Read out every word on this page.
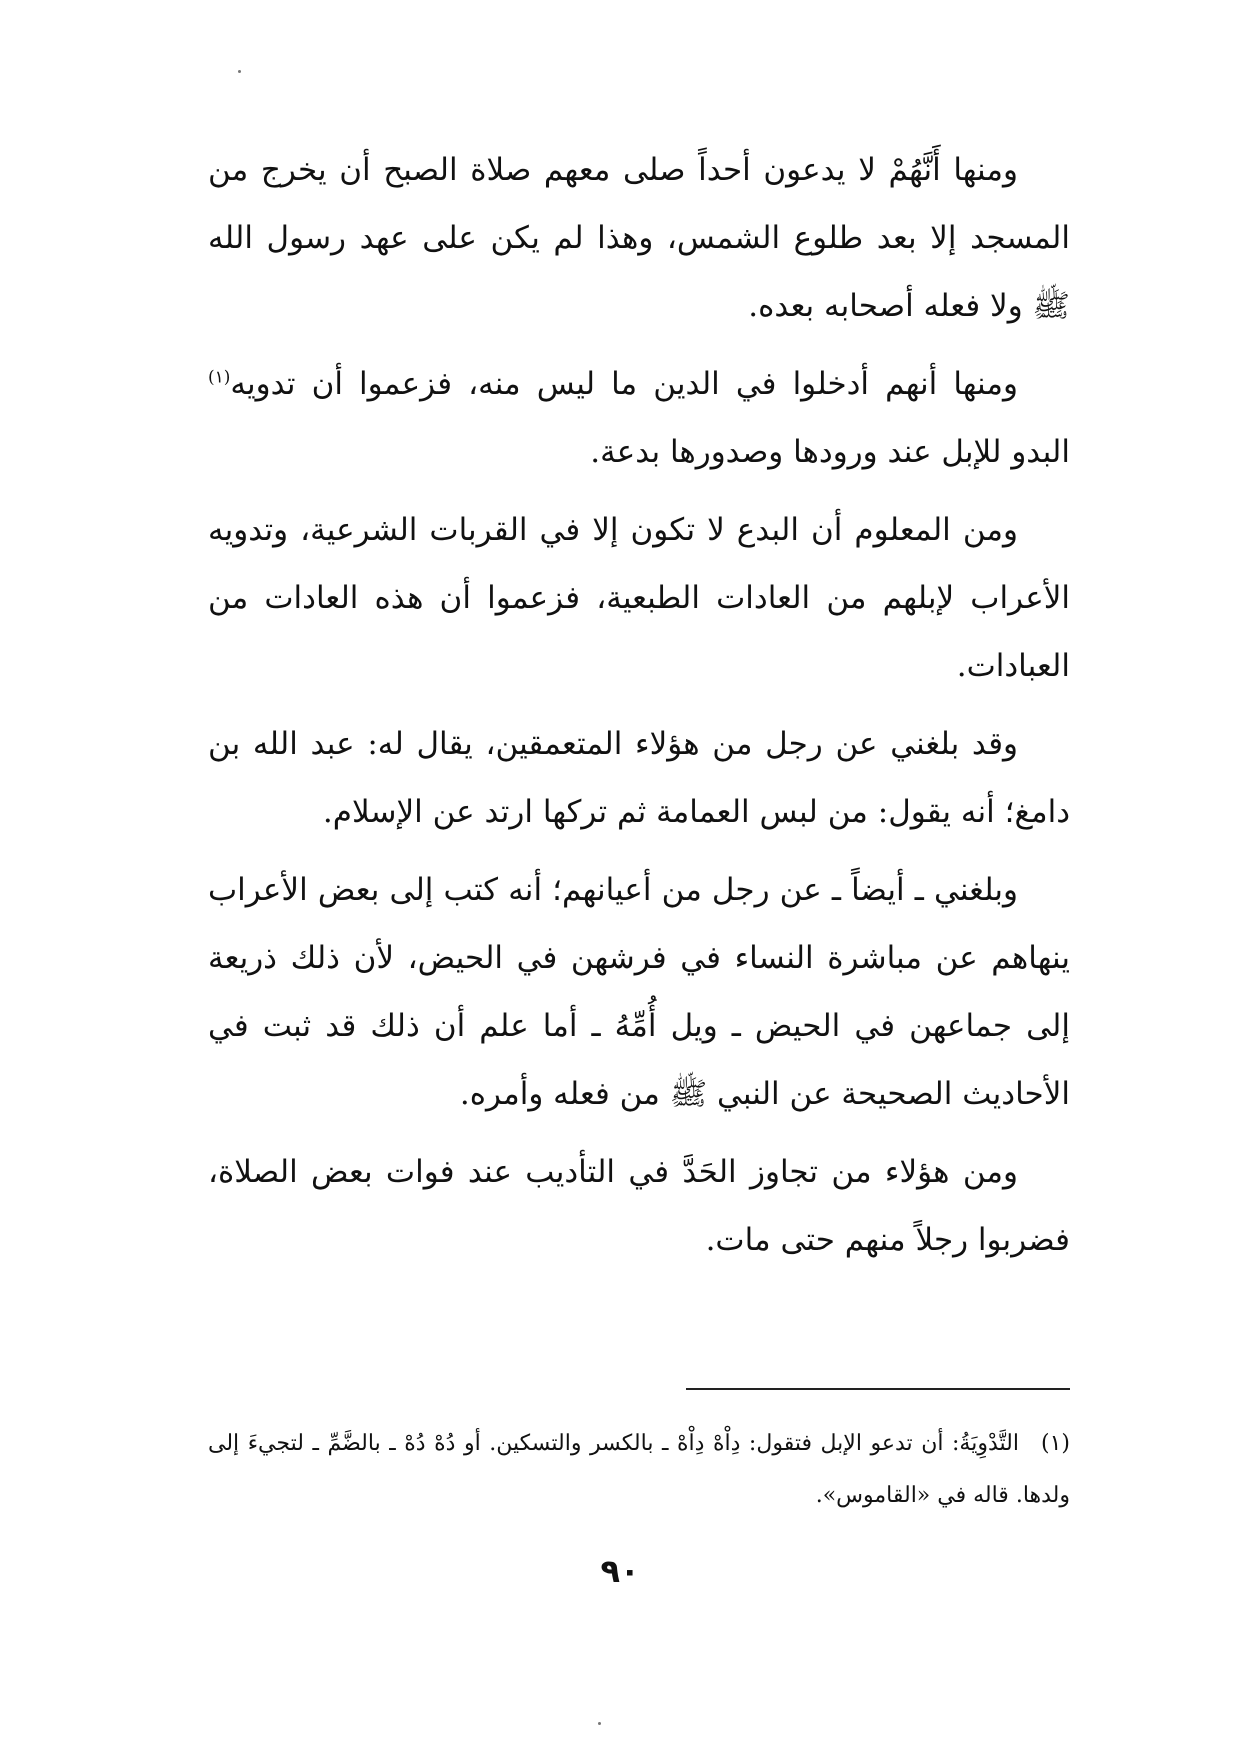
ومنها أَنَّهُمْ لا يدعون أحداً صلى معهم صلاة الصبح أن يخرج من المسجد إلا بعد طلوع الشمس، وهذا لم يكن على عهد رسول الله ﷺ ولا فعله أصحابه بعده.

ومنها أنهم أدخلوا في الدين ما ليس منه، فزعموا أن تدويه$^{(١)}$ البدو للإبل عند ورودها وصدورها بدعة.

ومن المعلوم أن البدع لا تكون إلا في القربات الشرعية، وتدويه الأعراب لإبلهم من العادات الطبعية، فزعموا أن هذه العادات من العبادات.

وقد بلغني عن رجل من هؤلاء المتعمقين، يقال له: عبد الله بن دامغ؛ أنه يقول: من لبس العمامة ثم تركها ارتد عن الإسلام.

وبلغني ـ أيضاً ـ عن رجل من أعيانهم؛ أنه كتب إلى بعض الأعراب ينهاهم عن مباشرة النساء في فرشهن في الحيض، لأن ذلك ذريعة إلى جماعهن في الحيض ـ ويل أُمِّهُ ـ أما علم أن ذلك قد ثبت في الأحاديث الصحيحة عن النبي ﷺ من فعله وأمره.

ومن هؤلاء من تجاوز الحَدَّ في التأديب عند فوات بعض الصلاة، فضربوا رجلاً منهم حتى مات.

(١)التَّدْوِيَةُ: أن تدعو الإبل فتقول: دِاْهْ دِاْهْ ـ بالكسر والتسكين. أو دُهْ دُهْ ـ بالضَّمِّ ـ لتجيءَ إلى ولدها. قاله في «القاموس».
٩٠
